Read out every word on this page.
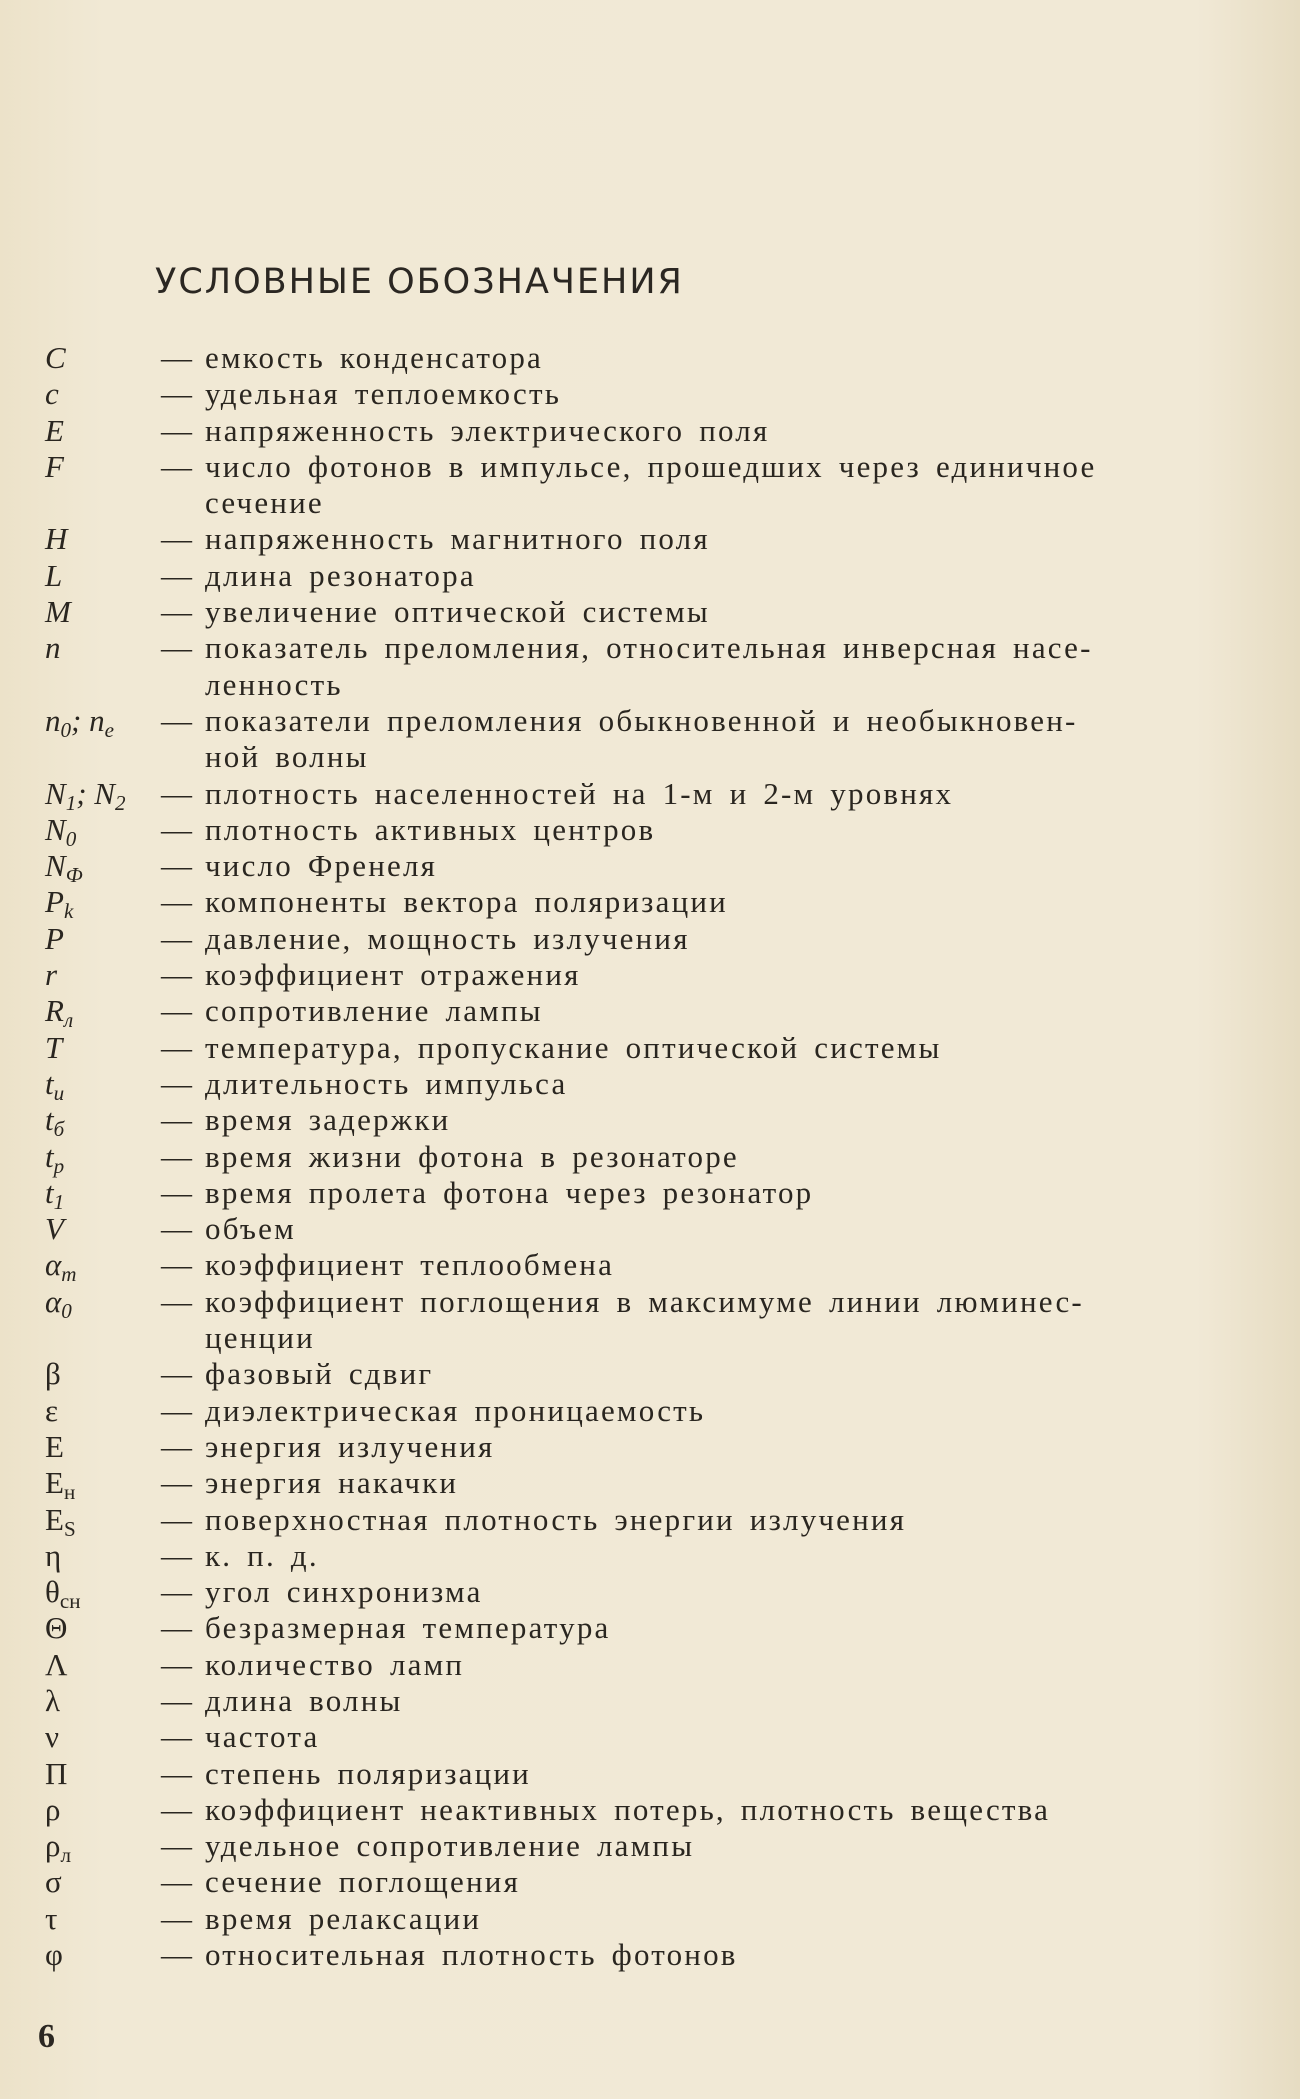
УСЛОВНЫЕ ОБОЗНАЧЕНИЯ
C	— емкость конденсатора
c	— удельная теплоемкость
E	— напряженность электрического поля
F	— число фотонов в импульсе, прошедших через единичное
сечение
H	— напряженность магнитного поля
L	— длина резонатора
M	— увеличение оптической системы
n	— показатель преломления, относительная инверсная насе-
ленность
$n_0$; $n_e$	— показатели преломления обыкновенной и необыкновен-
ной волны
$N_1$; $N_2$	— плотность населенностей на 1-м и 2-м уровнях
$N_0$	— плотность активных центров
$N_Ф$	— число Френеля
$P_k$	— компоненты вектора поляризации
P	— давление, мощность излучения
r	— коэффициент отражения
$R_л$	— сопротивление лампы
T	— температура, пропускание оптической системы
$t_и$	— длительность импульса
$t_б$	— время задержки
$t_р$	— время жизни фотона в резонаторе
$t_1$	— время пролета фотона через резонатор
V	— объем
$\alpha_т$	— коэффициент теплообмена
$\alpha_0$	— коэффициент поглощения в максимуме линии люминес-
ценции
β	— фазовый сдвиг
ε	— диэлектрическая проницаемость
E	— энергия излучения
$E_н$	— энергия накачки
$E_S$	— поверхностная плотность энергии излучения
η	— к. п. д.
$\theta_{сн}$	— угол синхронизма
Θ	— безразмерная температура
Λ	— количество ламп
λ	— длина волны
ν	— частота
Π	— степень поляризации
ρ	— коэффициент неактивных потерь, плотность вещества
$\rho_л$	— удельное сопротивление лампы
σ	— сечение поглощения
τ	— время релаксации
φ	— относительная плотность фотонов
6
